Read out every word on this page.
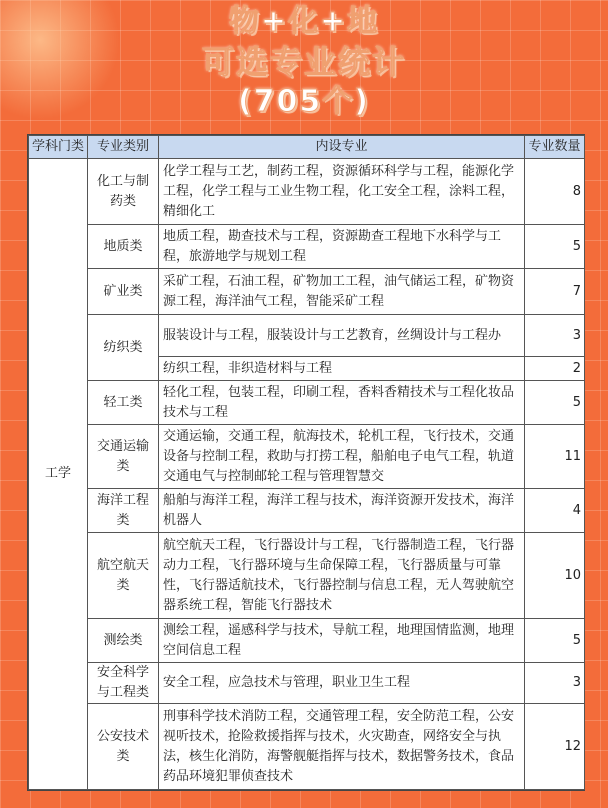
物+化+地
可选专业统计
(705个)
学科门类	专业类别	内设专业	专业数量
工学	化工与制药类	化学工程与工艺，制药工程，资源循环科学与工程，能源化学工程，化学工程与工业生物工程，化工安全工程，涂料工程，精细化工	8
	地质类	地质工程，勘查技术与工程，资源勘查工程地下水科学与工程，旅游地学与规划工程	5
	矿业类	采矿工程，石油工程，矿物加工工程，油气储运工程，矿物资源工程，海洋油气工程，智能采矿工程	7
	纺织类	服装设计与工程，服装设计与工艺教育，丝绸设计与工程办	3
		纺织工程，非织造材料与工程	2
	轻工类	轻化工程，包装工程，印刷工程，香料香精技术与工程化妆品技术与工程	5
	交通运输类	交通运输，交通工程，航海技术，轮机工程，飞行技术，交通设备与控制工程，救助与打捞工程，船舶电子电气工程，轨道交通电气与控制邮轮工程与管理智慧交	11
	海洋工程类	船舶与海洋工程，海洋工程与技术，海洋资源开发技术，海洋机器人	4
	航空航天类	航空航天工程，飞行器设计与工程，飞行器制造工程，飞行器动力工程，飞行器环境与生命保障工程，飞行器质量与可靠性，飞行器适航技术，飞行器控制与信息工程，无人驾驶航空器系统工程，智能飞行器技术	10
	测绘类	测绘工程，遥感科学与技术，导航工程，地理国情监测，地理空间信息工程	5
	安全科学与工程类	安全工程，应急技术与管理，职业卫生工程	3
	公安技术类	刑事科学技术消防工程，交通管理工程，安全防范工程，公安视听技术，抢险救援指挥与技术，火灾勘查，网络安全与执法，核生化消防，海警舰艇指挥与技术，数据警务技术，食品药品环境犯罪侦查技术	12
